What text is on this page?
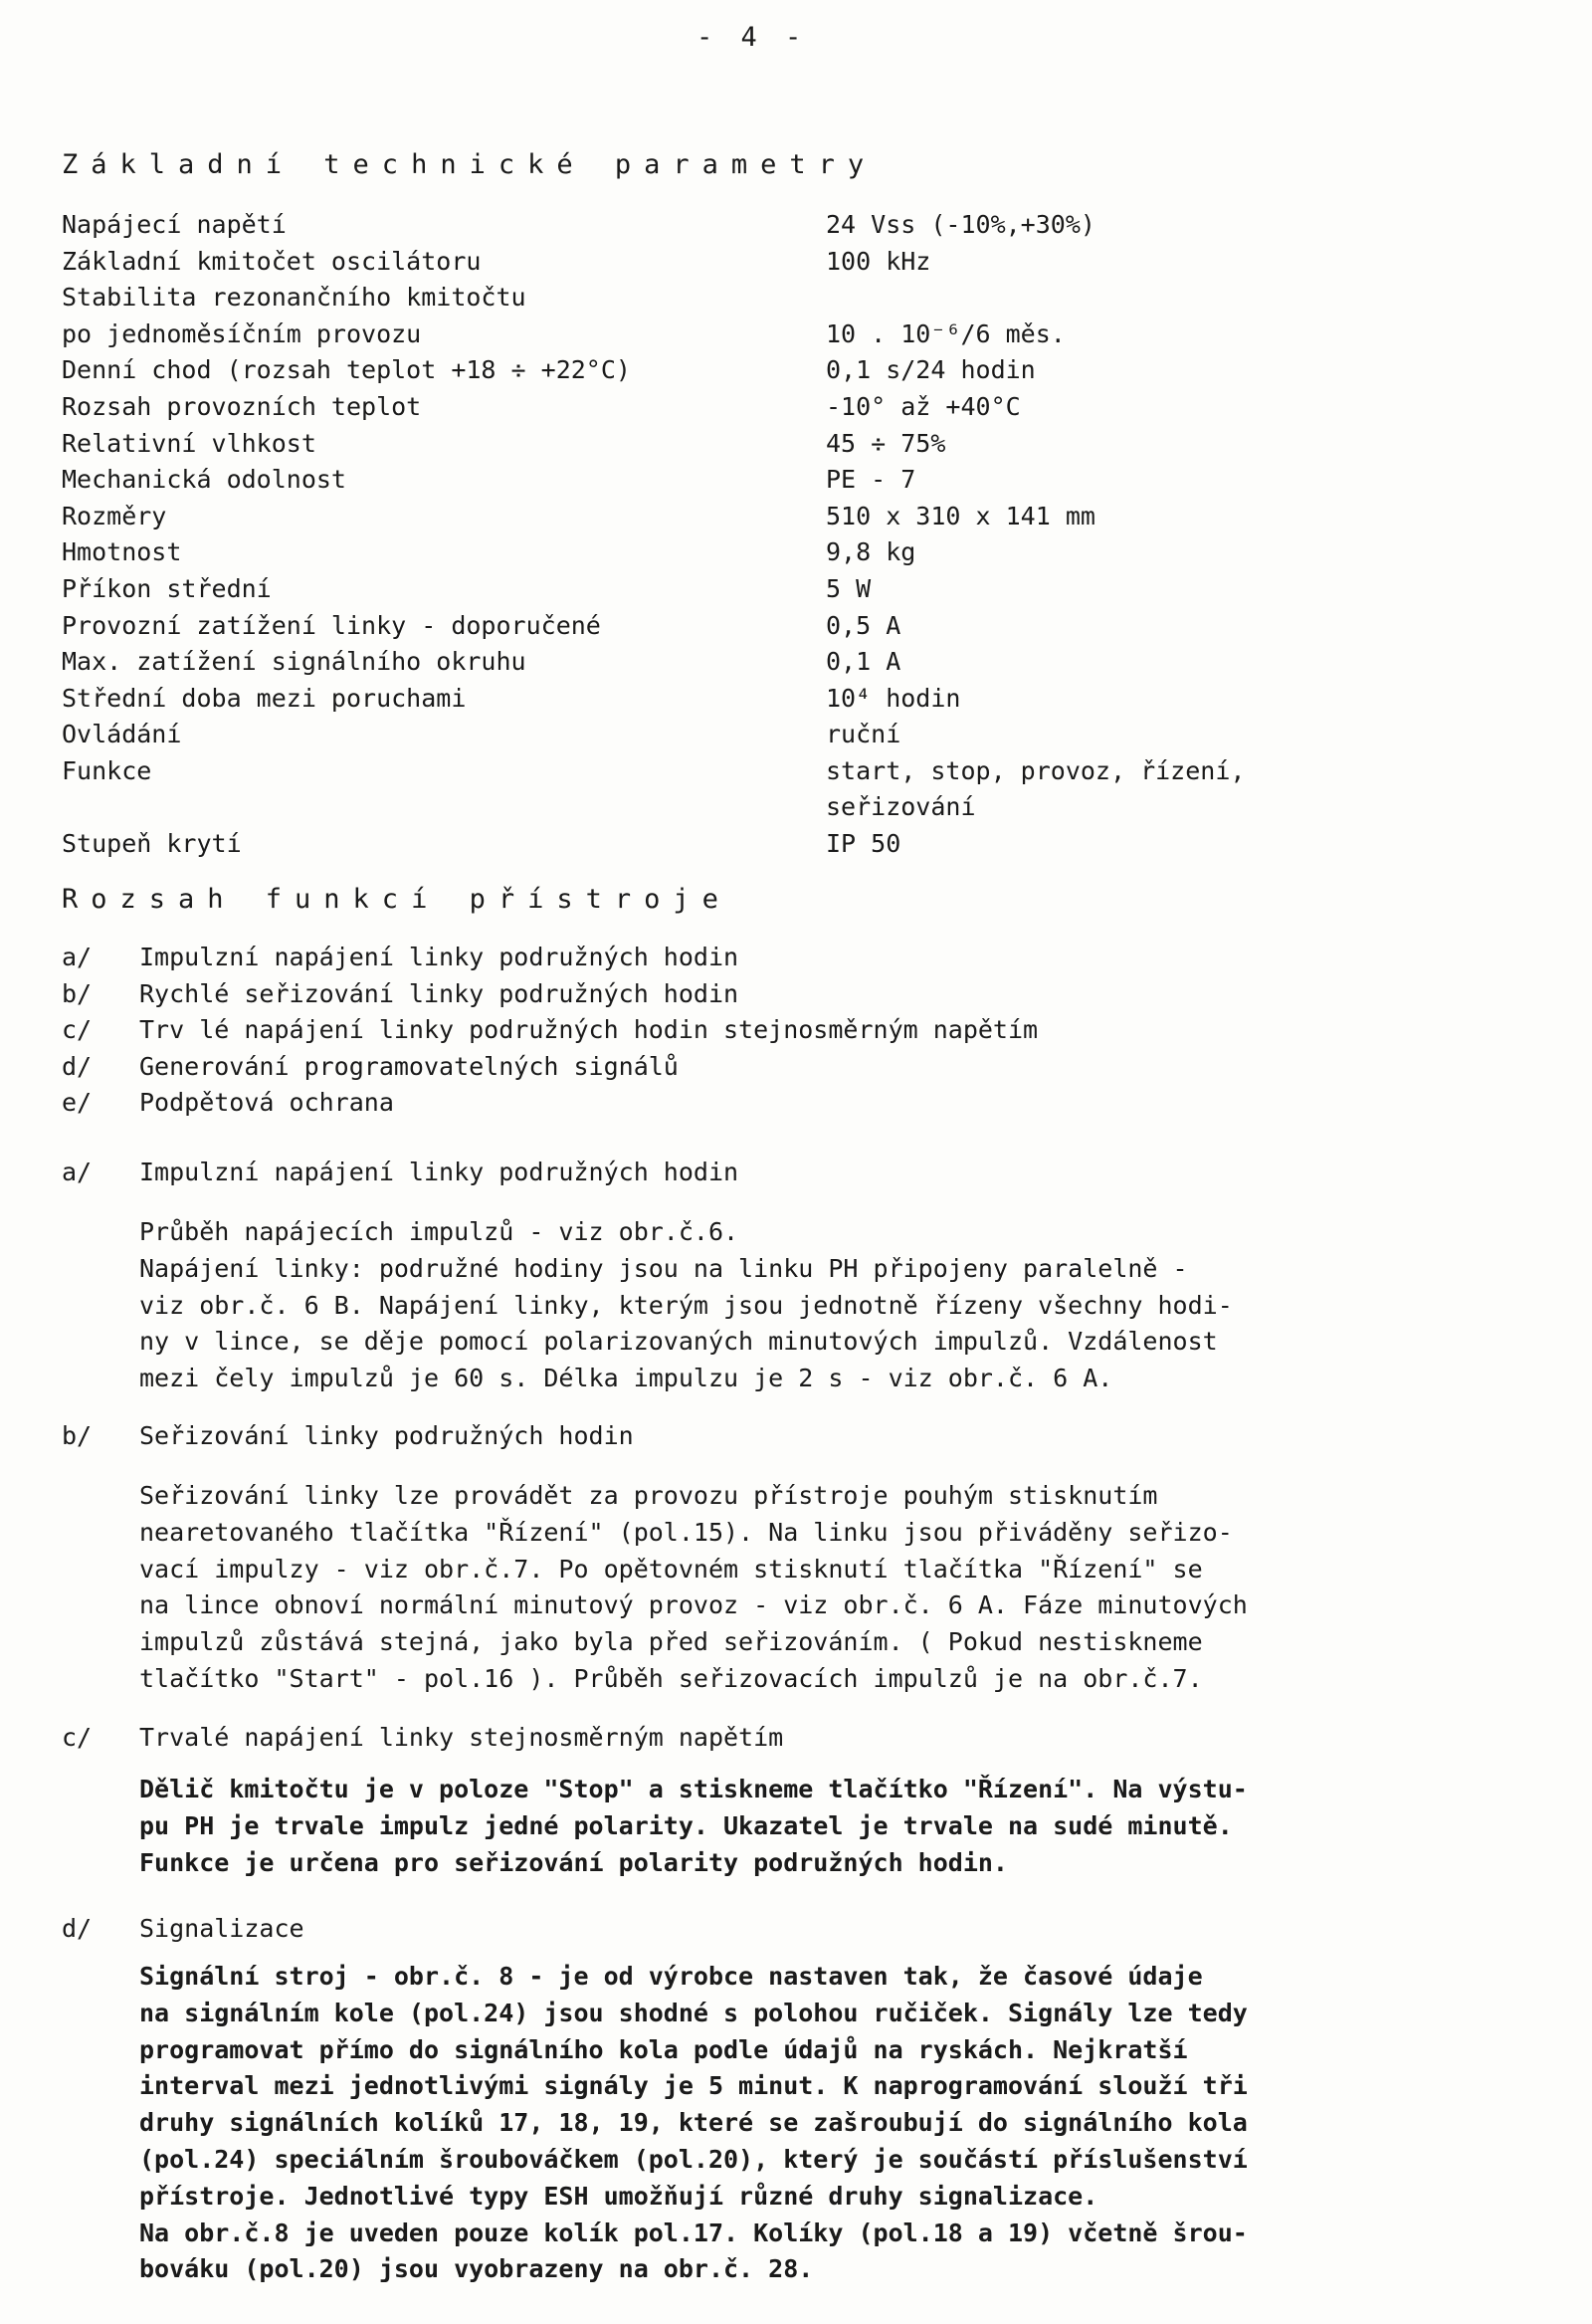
- 4 -
Základní technické parametry
Napájecí napětí	24 Vss (-10%,+30%)
Základní kmitočet oscilátoru	100 kHz
Stabilita rezonančního kmitočtu
po jednoměsíčním provozu	10 . 10⁻⁶/6 měs.
Denní chod (rozsah teplot +18 ÷ +22°C)	0,1 s/24 hodin
Rozsah provozních teplot	-10° až +40°C
Relativní vlhkost	45 ÷ 75%
Mechanická odolnost	PE - 7
Rozměry	510 x 310 x 141 mm
Hmotnost	9,8 kg
Příkon střední	5 W
Provozní zatížení linky - doporučené	0,5 A
Max. zatížení signálního okruhu	0,1 A
Střední doba mezi poruchami	10⁴ hodin
Ovládání	ruční
Funkce	start, stop, provoz, řízení,
seřizování
Stupeň krytí	IP 50
Rozsah funkcí přístroje
a/	Impulzní napájení linky podružných hodin
b/	Rychlé seřizování linky podružných hodin
c/	Trv lé napájení linky podružných hodin stejnosměrným napětím
d/	Generování programovatelných signálů
e/	Podpětová ochrana
a/	Impulzní napájení linky podružných hodin
Průběh napájecích impulzů - viz obr.č.6.
Napájení linky: podružné hodiny jsou na linku PH připojeny paralelně -
viz obr.č. 6 B. Napájení linky, kterým jsou jednotně řízeny všechny hodi-
ny v lince, se děje pomocí polarizovaných minutových impulzů. Vzdálenost
mezi čely impulzů je 60 s. Délka impulzu je 2 s - viz obr.č. 6 A.
b/	Seřizování linky podružných hodin
Seřizování linky lze provádět za provozu přístroje pouhým stisknutím
nearetovaného tlačítka "Řízení" (pol.15). Na linku jsou přiváděny seřizo-
vací impulzy - viz obr.č.7. Po opětovném stisknutí tlačítka "Řízení" se
na lince obnoví normální minutový provoz - viz obr.č. 6 A. Fáze minutových
impulzů zůstává stejná, jako byla před seřizováním. ( Pokud nestiskneme
tlačítko "Start" - pol.16 ). Průběh seřizovacích impulzů je na obr.č.7.
c/	Trvalé napájení linky stejnosměrným napětím
Dělič kmitočtu je v poloze "Stop" a stiskneme tlačítko "Řízení". Na výstu-
pu PH je trvale impulz jedné polarity. Ukazatel je trvale na sudé minutě.
Funkce je určena pro seřizování polarity podružných hodin.
d/	Signalizace
Signální stroj - obr.č. 8 - je od výrobce nastaven tak, že časové údaje
na signálním kole (pol.24) jsou shodné s polohou ručiček. Signály lze tedy
programovat přímo do signálního kola podle údajů na ryskách. Nejkratší
interval mezi jednotlivými signály je 5 minut. K naprogramování slouží tři
druhy signálních kolíků 17, 18, 19, které se zašroubují do signálního kola
(pol.24) speciálním šroubováčkem (pol.20), který je součástí příslušenství
přístroje. Jednotlivé typy ESH umožňují různé druhy signalizace.
Na obr.č.8 je uveden pouze kolík pol.17. Kolíky (pol.18 a 19) včetně šrou-
bováku (pol.20) jsou vyobrazeny na obr.č. 28.
